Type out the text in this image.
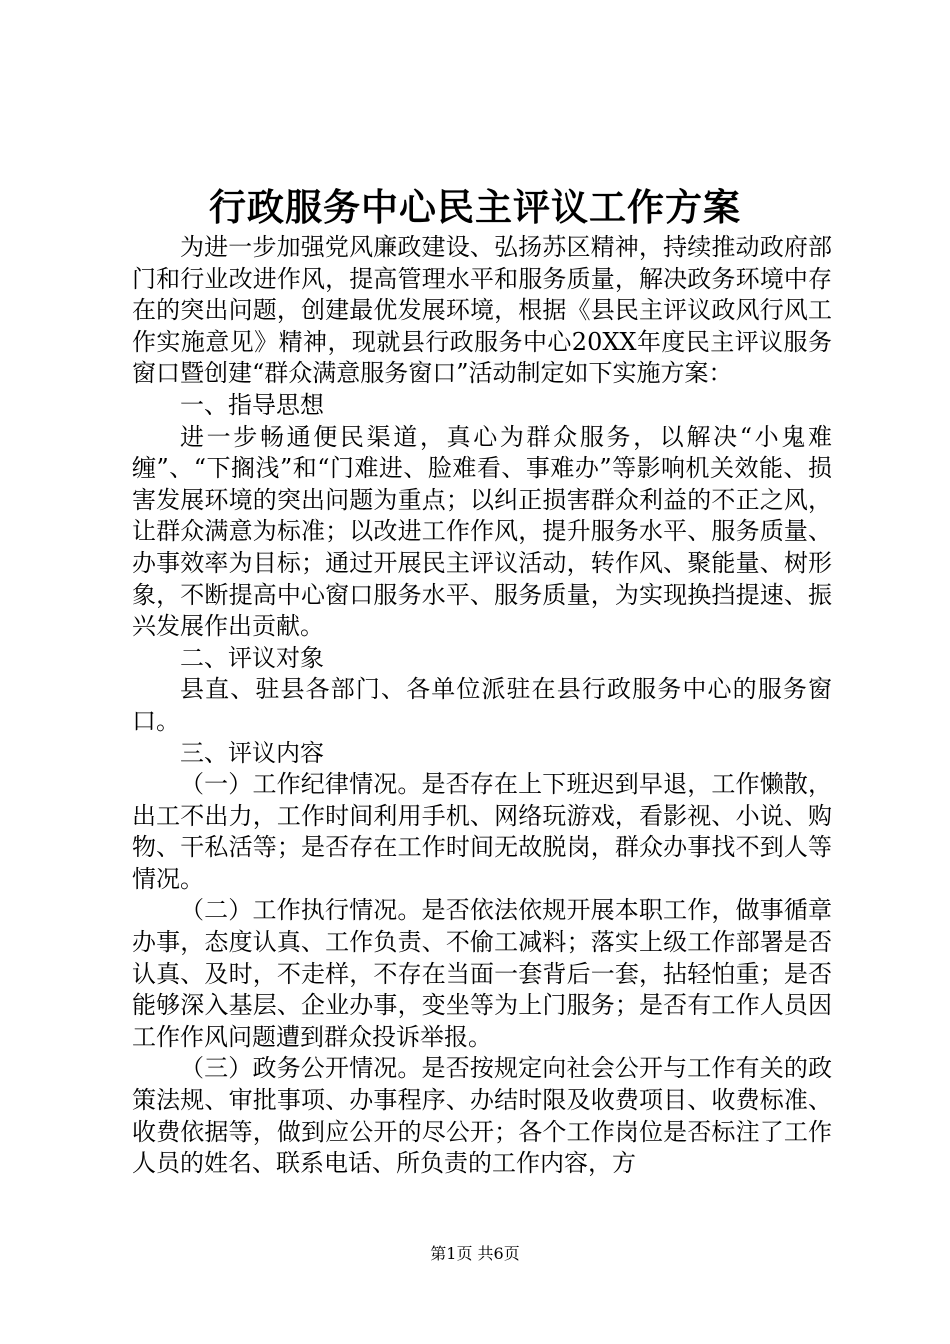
行政服务中心民主评议工作方案

为进一步加强党风廉政建设、弘扬苏区精神，持续推动政府部门和行业改进作风，提高管理水平和服务质量，解决政务环境中存在的突出问题，创建最优发展环境，根据《县民主评议政风行风工作实施意见》精神，现就县行政服务中心20XX年度民主评议服务窗口暨创建“群众满意服务窗口”活动制定如下实施方案：

一、指导思想

进一步畅通便民渠道，真心为群众服务，以解决“小鬼难缠”、“下搁浅”和“门难进、脸难看、事难办”等影响机关效能、损害发展环境的突出问题为重点；以纠正损害群众利益的不正之风，让群众满意为标准；以改进工作作风，提升服务水平、服务质量、办事效率为目标；通过开展民主评议活动，转作风、聚能量、树形象，不断提高中心窗口服务水平、服务质量，为实现换挡提速、振兴发展作出贡献。

二、评议对象

县直、驻县各部门、各单位派驻在县行政服务中心的服务窗口。

三、评议内容

（一）工作纪律情况。是否存在上下班迟到早退，工作懒散，出工不出力，工作时间利用手机、网络玩游戏，看影视、小说、购物、干私活等；是否存在工作时间无故脱岗，群众办事找不到人等情况。

（二）工作执行情况。是否依法依规开展本职工作，做事循章办事，态度认真、工作负责、不偷工减料；落实上级工作部署是否认真、及时，不走样，不存在当面一套背后一套，拈轻怕重；是否能够深入基层、企业办事，变坐等为上门服务；是否有工作人员因工作作风问题遭到群众投诉举报。

（三）政务公开情况。是否按规定向社会公开与工作有关的政策法规、审批事项、办事程序、办结时限及收费项目、收费标准、收费依据等，做到应公开的尽公开；各个工作岗位是否标注了工作人员的姓名、联系电话、所负责的工作内容，方

第1页 共6页
